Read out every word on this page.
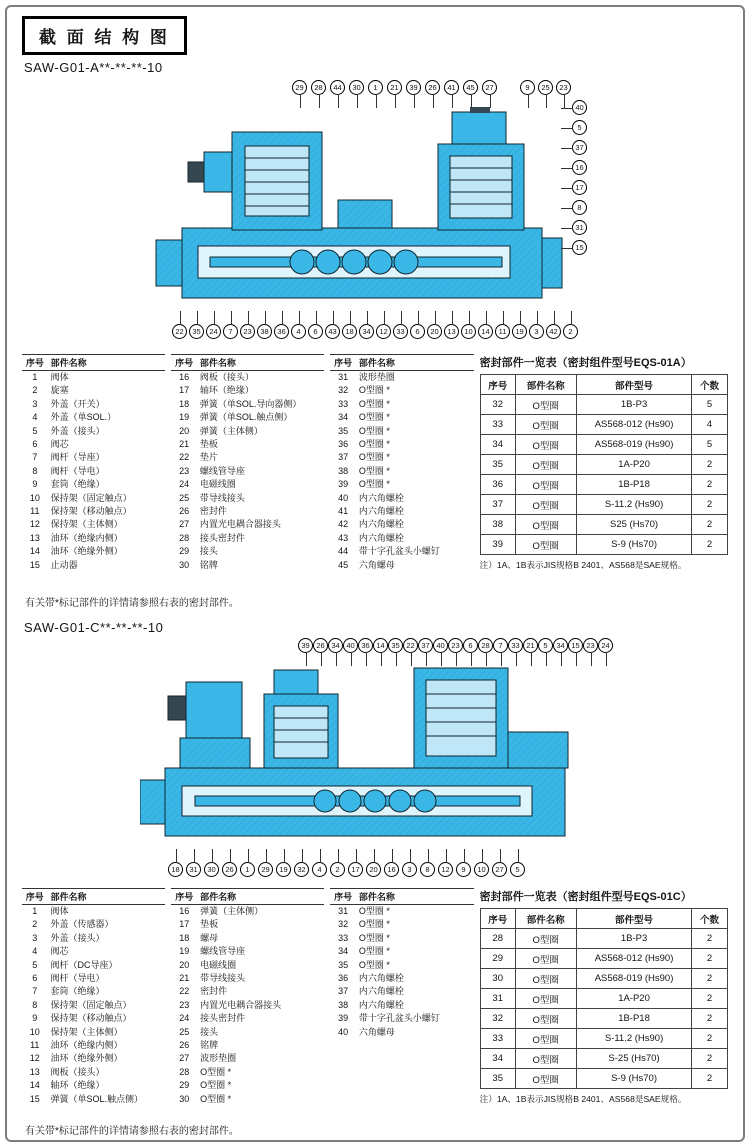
截 面 结 构 图
SAW-G01-A**-**-**-10
29	28	44	30	1	21	39	26	41	45	27	9	25	23
40
5
37
16
17
8
31
15
22	35	24	7	23	38	36	4	6	43	18	34	12	33	6	20	13	10	14	11	19	3	42	2
序号	部件名称
1	阀体
2	旋塞
3	外盖（开关）
4	外盖（单SOL.）
5	外盖（接头）
6	阀芯
7	阀杆（导座）
8	阀杆（导电）
9	套筒（绝缘）
10	保持架（固定触点）
11	保持架（移动触点）
12	保持架（主体侧）
13	油环（绝缘内侧）
14	油环（绝缘外侧）
15	止动器
序号	部件名称
16	阀板（接头）
17	轴环（绝缘）
18	弹簧（单SOL.导向器侧）
19	弹簧（单SOL.触点侧）
20	弹簧（主体侧）
21	垫板
22	垫片
23	螺线管导座
24	电磁线圈
25	带导线接头
26	密封件
27	内置光电耦合器接头
28	接头密封件
29	接头
30	铭牌
序号	部件名称
31	波形垫圈
32	O型圈 *
33	O型圈 *
34	O型圈 *
35	O型圈 *
36	O型圈 *
37	O型圈 *
38	O型圈 *
39	O型圈 *
40	内六角螺栓
41	内六角螺栓
42	内六角螺栓
43	内六角螺栓
44	带十字孔盆头小螺钉
45	六角螺母
密封部件一览表（密封组件型号EQS-01A）
序号	部件名称	部件型号	个数
32	O型圈	1B-P3	5
33	O型圈	AS568-012 (Hs90)	4
34	O型圈	AS568-019 (Hs90)	5
35	O型圈	1A-P20	2
36	O型圈	1B-P18	2
37	O型圈	S-11.2 (Hs90)	2
38	O型圈	S25 (Hs70)	2
39	O型圈	S-9 (Hs70)	2
注）1A、1B表示JIS规格B 2401、AS568是SAE规格。
有关带*标记部件的详情请参照右表的密封部件。
SAW-G01-C**-**-**-10
39 26 34 40 36 14 35 22 37 40 23	6	28	7	33 21	5	34 15 23 24
18	31	30	26	1	29	19	32	4	2	17	20	16	3	8	12	9	10	27	5
序号	部件名称
1	阀体
2	外盖（传感器）
3	外盖（接头）
4	阀芯
5	阀杆（DC导座）
6	阀杆（导电）
7	套筒（绝缘）
8	保持架（固定触点）
9	保持架（移动触点）
10	保持架（主体侧）
11	油环（绝缘内侧）
12	油环（绝缘外侧）
13	阀板（接头）
14	轴环（绝缘）
15	弹簧（单SOL.触点侧）
序号	部件名称
16	弹簧（主体侧）
17	垫板
18	螺母
19	螺线管导座
20	电磁线圈
21	带导线接头
22	密封件
23	内置光电耦合器接头
24	接头密封件
25	接头
26	铭牌
27	波形垫圈
28	O型圈 *
29	O型圈 *
30	O型圈 *
序号	部件名称
31	O型圈 *
32	O型圈 *
33	O型圈 *
34	O型圈 *
35	O型圈 *
36	内六角螺栓
37	内六角螺栓
38	内六角螺栓
39	带十字孔盆头小螺钉
40	六角螺母
密封部件一览表（密封组件型号EQS-01C）
序号	部件名称	部件型号	个数
28	O型圈	1B-P3	2
29	O型圈	AS568-012 (Hs90)	2
30	O型圈	AS568-019 (Hs90)	2
31	O型圈	1A-P20	2
32	O型圈	1B-P18	2
33	O型圈	S-11.2 (Hs90)	2
34	O型圈	S-25 (Hs70)	2
35	O型圈	S-9 (Hs70)	2
注）1A、1B表示JIS规格B 2401、AS568是SAE规格。
有关带*标记部件的详情请参照右表的密封部件。
